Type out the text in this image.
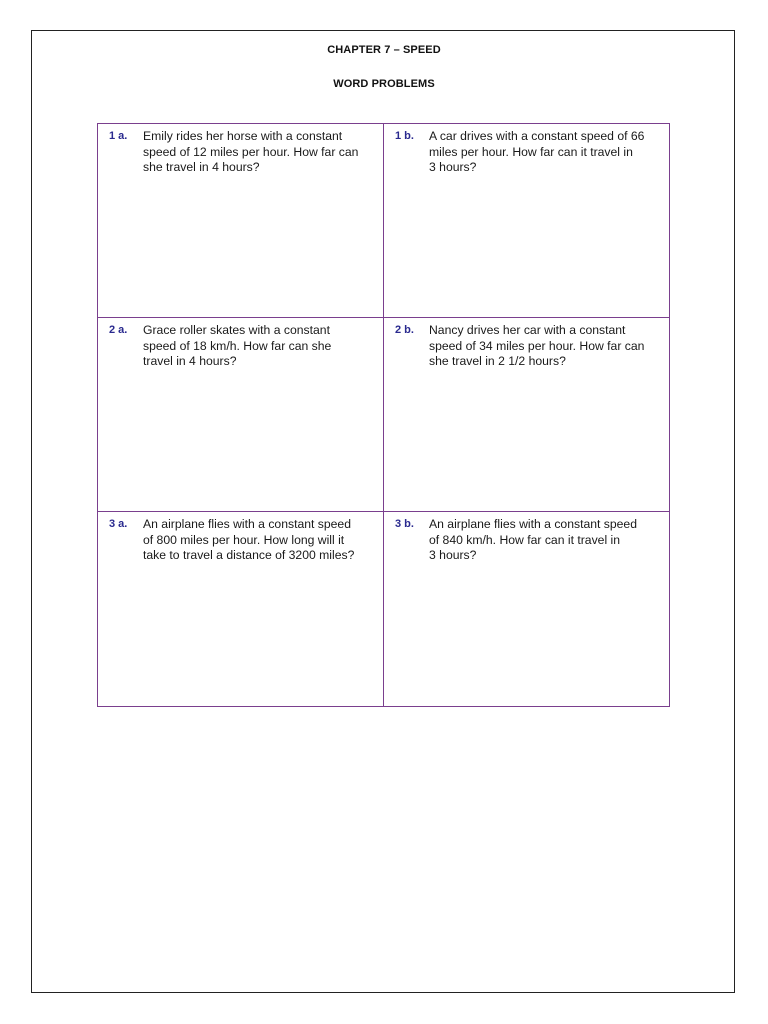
CHAPTER 7 – SPEED
WORD PROBLEMS
1 a.	Emily rides her horse with a constant
speed of 12 miles per hour. How far can
she travel in 4 hours?
1 b.	A car drives with a constant speed of 66
miles per hour. How far can it travel in
3 hours?
2 a.	Grace roller skates with a constant
speed of 18 km/h. How far can she
travel in 4 hours?
2 b.	Nancy drives her car with a constant
speed of 34 miles per hour. How far can
she travel in 2 1/2 hours?
3 a.	An airplane flies with a constant speed
of 800 miles per hour. How long will it
take to travel a distance of 3200 miles?
3 b.	An airplane flies with a constant speed
of 840 km/h. How far can it travel in
3 hours?
